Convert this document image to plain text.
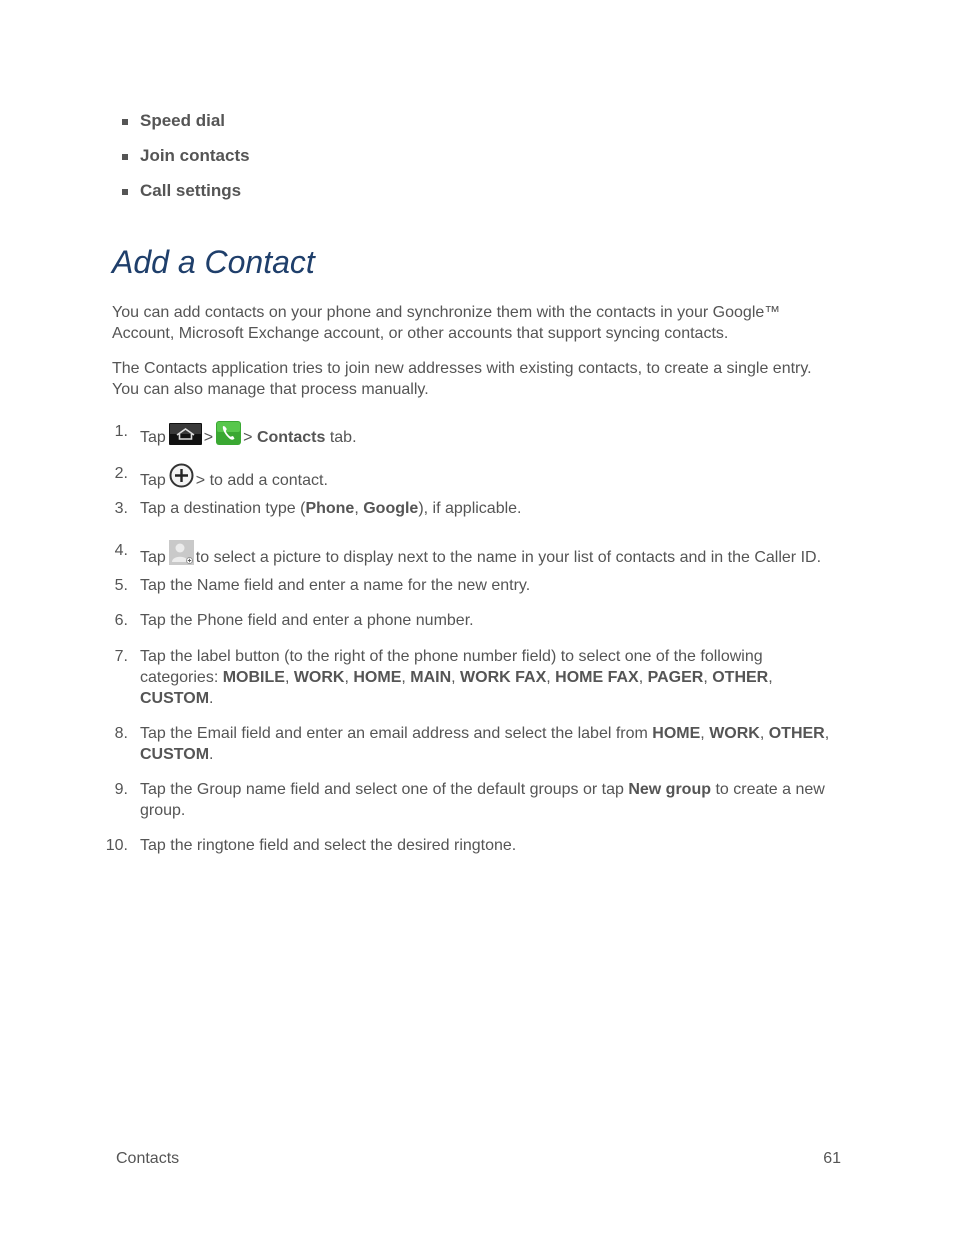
Speed dial
Join contacts
Call settings
Add a Contact

You can add contacts on your phone and synchronize them with the contacts in your Google™ Account, Microsoft Exchange account, or other accounts that support syncing contacts.

The Contacts application tries to join new addresses with existing contacts, to create a single entry. You can also manage that process manually.

1. Tap > > Contacts tab.
2. Tap > to add a contact.
3. Tap a destination type (Phone, Google), if applicable.
4. Tap to select a picture to display next to the name in your list of contacts and in the Caller ID.
5. Tap the Name field and enter a name for the new entry.
6. Tap the Phone field and enter a phone number.
7. Tap the label button (to the right of the phone number field) to select one of the following categories: MOBILE, WORK, HOME, MAIN, WORK FAX, HOME FAX, PAGER, OTHER, CUSTOM.
8. Tap the Email field and enter an email address and select the label from HOME, WORK, OTHER, CUSTOM.
9. Tap the Group name field and select one of the default groups or tap New group to create a new group.
10. Tap the ringtone field and select the desired ringtone.
Contacts	61
